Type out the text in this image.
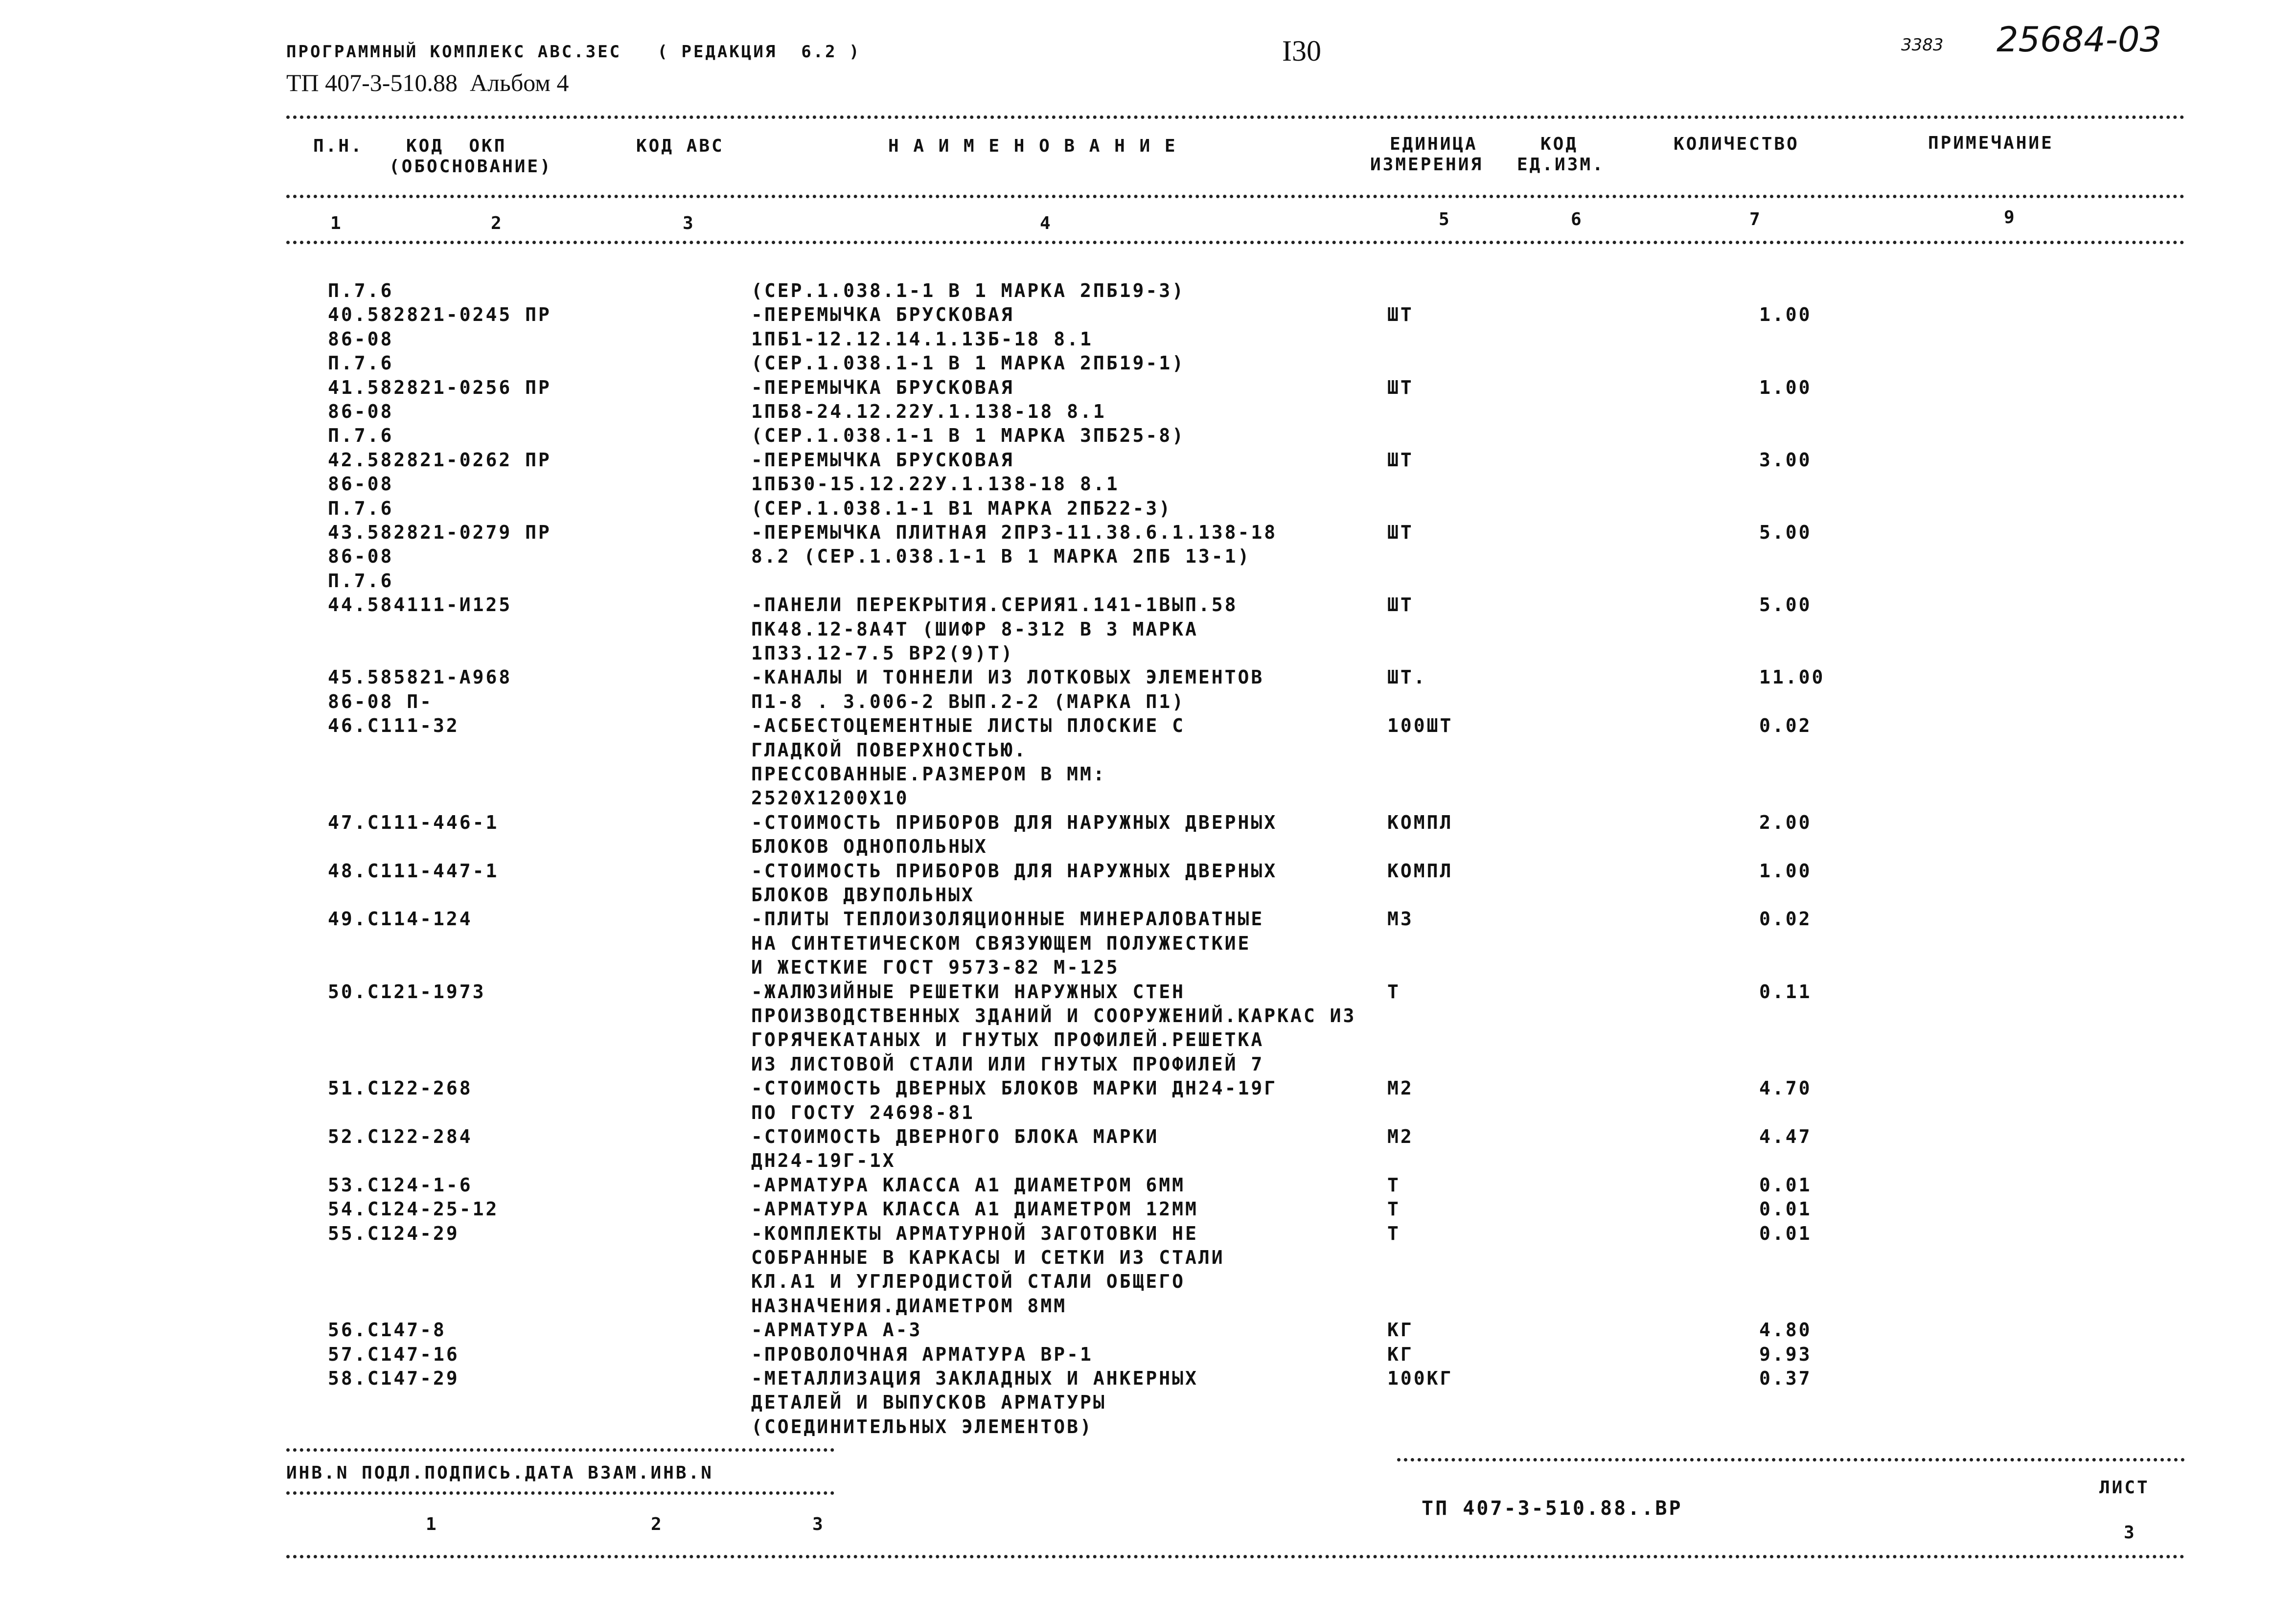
ПРОГРАММНЫЙ КОМПЛЕКС АВС.3ЕС   ( РЕДАКЦИЯ  6.2 )
ТП 407-3-510.88  Альбом 4
I30	3383 25684-03
П.Н. КОД  ОКП
(ОБОСНОВАНИЕ)
КОД АВС	Н А И М Е Н О В А Н И Е	ЕДИНИЦА
ИЗМЕРЕНИЯ
КОД
ЕД.ИЗМ.
КОЛИЧЕСТВО	ПРИМЕЧАНИЕ
1	2	3	4	5	6	7	9
П.7.6	(СЕР.1.038.1-1 В 1 МАРКА 2ПБ19-3)
40.582821-0245 ПР	-ПЕРЕМЫЧКА БРУСКОВАЯ	ШТ	1.00
86-08	1ПБ1-12.12.14.1.13Б-18 8.1
П.7.6	(СЕР.1.038.1-1 В 1 МАРКА 2ПБ19-1)
41.582821-0256 ПР	-ПЕРЕМЫЧКА БРУСКОВАЯ	ШТ	1.00
86-08	1ПБ8-24.12.22У.1.138-18 8.1
П.7.6	(СЕР.1.038.1-1 В 1 МАРКА 3ПБ25-8)
42.582821-0262 ПР	-ПЕРЕМЫЧКА БРУСКОВАЯ	ШТ	3.00
86-08	1ПБ30-15.12.22У.1.138-18 8.1
П.7.6	(СЕР.1.038.1-1 В1 МАРКА 2ПБ22-3)
43.582821-0279 ПР	-ПЕРЕМЫЧКА ПЛИТНАЯ 2ПР3-11.38.6.1.138-18	ШТ	5.00
86-08	8.2 (СЕР.1.038.1-1 В 1 МАРКА 2ПБ 13-1)
П.7.6
44.584111-И125	-ПАНЕЛИ ПЕРЕКРЫТИЯ.СЕРИЯ1.141-1ВЫП.58	ШТ	5.00
ПК48.12-8А4Т (ШИФР 8-312 В 3 МАРКА
1П33.12-7.5 ВР2(9)Т)
45.585821-А968	-КАНАЛЫ И ТОННЕЛИ ИЗ ЛОТКОВЫХ ЭЛЕМЕНТОВ	ШТ.	11.00
86-08 П-	П1-8 . 3.006-2 ВЫП.2-2 (МАРКА П1)
46.С111-32	-АСБЕСТОЦЕМЕНТНЫЕ ЛИСТЫ ПЛОСКИЕ С	100ШТ	0.02
ГЛАДКОЙ ПОВЕРХНОСТЬЮ.
ПРЕССОВАННЫЕ.РАЗМЕРОМ В ММ:
2520Х1200Х10
47.С111-446-1	-СТОИМОСТЬ ПРИБОРОВ ДЛЯ НАРУЖНЫХ ДВЕРНЫХ	КОМПЛ	2.00
БЛОКОВ ОДНОПОЛЬНЫХ
48.С111-447-1	-СТОИМОСТЬ ПРИБОРОВ ДЛЯ НАРУЖНЫХ ДВЕРНЫХ	КОМПЛ	1.00
БЛОКОВ ДВУПОЛЬНЫХ
49.С114-124	-ПЛИТЫ ТЕПЛОИЗОЛЯЦИОННЫЕ МИНЕРАЛОВАТНЫЕ	М3	0.02
НА СИНТЕТИЧЕСКОМ СВЯЗУЮЩЕМ ПОЛУЖЕСТКИЕ
И ЖЕСТКИЕ ГОСТ 9573-82 М-125
50.С121-1973	-ЖАЛЮЗИЙНЫЕ РЕШЕТКИ НАРУЖНЫХ СТЕН	Т	0.11
ПРОИЗВОДСТВЕННЫХ ЗДАНИЙ И СООРУЖЕНИЙ.КАРКАС ИЗ
ГОРЯЧЕКАТАНЫХ И ГНУТЫХ ПРОФИЛЕЙ.РЕШЕТКА
ИЗ ЛИСТОВОЙ СТАЛИ ИЛИ ГНУТЫХ ПРОФИЛЕЙ 7
51.С122-268	-СТОИМОСТЬ ДВЕРНЫХ БЛОКОВ МАРКИ ДН24-19Г	М2	4.70
ПО ГОСТУ 24698-81
52.С122-284	-СТОИМОСТЬ ДВЕРНОГО БЛОКА МАРКИ	М2	4.47
ДН24-19Г-1Х
53.С124-1-6	-АРМАТУРА КЛАССА А1 ДИАМЕТРОМ 6ММ	Т	0.01
54.С124-25-12	-АРМАТУРА КЛАССА А1 ДИАМЕТРОМ 12ММ	Т	0.01
55.С124-29	-КОМПЛЕКТЫ АРМАТУРНОЙ ЗАГОТОВКИ НЕ	Т	0.01
СОБРАННЫЕ В КАРКАСЫ И СЕТКИ ИЗ СТАЛИ
КЛ.А1 И УГЛЕРОДИСТОЙ СТАЛИ ОБЩЕГО
НАЗНАЧЕНИЯ.ДИАМЕТРОМ 8ММ
56.С147-8	-АРМАТУРА А-3	КГ	4.80
57.С147-16	-ПРОВОЛОЧНАЯ АРМАТУРА ВР-1	КГ	9.93
58.С147-29	-МЕТАЛЛИЗАЦИЯ ЗАКЛАДНЫХ И АНКЕРНЫХ	100КГ	0.37
ДЕТАЛЕЙ И ВЫПУСКОВ АРМАТУРЫ
(СОЕДИНИТЕЛЬНЫХ ЭЛЕМЕНТОВ)
ИНВ.N ПОДЛ.ПОДПИСЬ.ДАТА ВЗАМ.ИНВ.N
1	2	3
ТП 407-3-510.88..ВР
ЛИСТ
3
